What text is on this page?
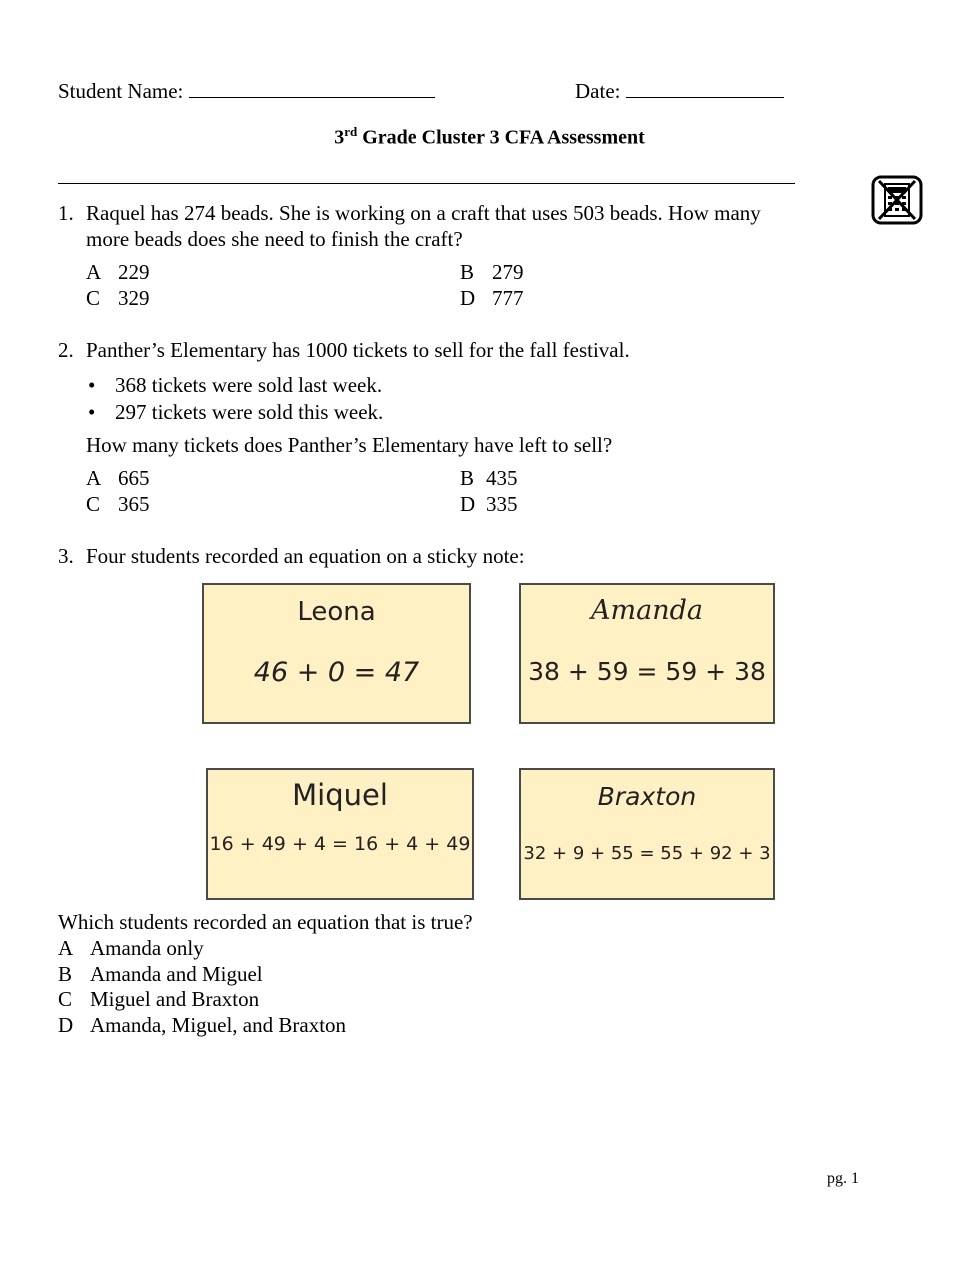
Student Name:	Date:
3rd Grade Cluster 3 CFA Assessment
1. Raquel has 274 beads. She is working on a craft that uses 503 beads. How many
more beads does she need to finish the craft?
A 229	B 279
C 329	D 777
2. Panther’s Elementary has 1000 tickets to sell for the fall festival.
• 368 tickets were sold last week.
• 297 tickets were sold this week.
How many tickets does Panther’s Elementary have left to sell?
A 665	B 435
C 365	D 335
3. Four students recorded an equation on a sticky note:
Leona
46 + 0 = 47
Amanda
38 + 59 = 59 + 38
Miquel
16 + 49 + 4 = 16 + 4 + 49
Braxton
32 + 9 + 55 = 55 + 92 + 3
Which students recorded an equation that is true?
A Amanda only
B Amanda and Miguel
C Miguel and Braxton
D Amanda, Miguel, and Braxton
pg. 1
